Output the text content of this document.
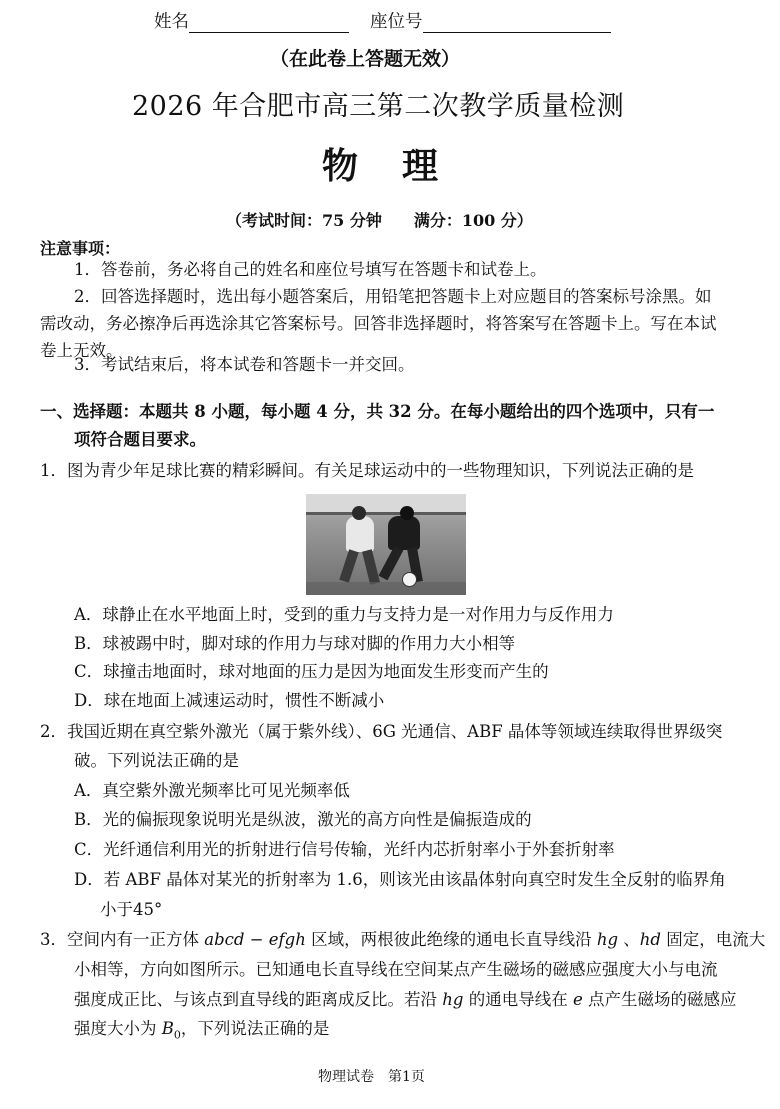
姓名	座位号
（在此卷上答题无效）
2026 年合肥市高三第二次教学质量检测
物　理
（考试时间：75 分钟　　满分：100 分）
注意事项：
1．答卷前，务必将自己的姓名和座位号填写在答题卡和试卷上。
2．回答选择题时，选出每小题答案后，用铅笔把答题卡上对应题目的答案标号涂黑。如
需改动，务必擦净后再选涂其它答案标号。回答非选择题时，将答案写在答题卡上。写在本试
卷上无效。
3．考试结束后，将本试卷和答题卡一并交回。
一、选择题：本题共 8 小题，每小题 4 分，共 32 分。在每小题给出的四个选项中，只有一
项符合题目要求。
1．图为青少年足球比赛的精彩瞬间。有关足球运动中的一些物理知识，下列说法正确的是
A．球静止在水平地面上时，受到的重力与支持力是一对作用力与反作用力
B．球被踢中时，脚对球的作用力与球对脚的作用力大小相等
C．球撞击地面时，球对地面的压力是因为地面发生形变而产生的
D．球在地面上减速运动时，惯性不断减小
2．我国近期在真空紫外激光（属于紫外线）、6G 光通信、ABF 晶体等领域连续取得世界级突
破。下列说法正确的是
A．真空紫外激光频率比可见光频率低
B．光的偏振现象说明光是纵波，激光的高方向性是偏振造成的
C．光纤通信利用光的折射进行信号传输，光纤内芯折射率小于外套折射率
D．若 ABF 晶体对某光的折射率为 1.6，则该光由该晶体射向真空时发生全反射的临界角
小于45°
3．空间内有一正方体 abcd − efgh 区域，两根彼此绝缘的通电长直导线沿 hg 、hd 固定，电流大
小相等，方向如图所示。已知通电长直导线在空间某点产生磁场的磁感应强度大小与电流
强度成正比、与该点到直导线的距离成反比。若沿 hg 的通电导线在 e 点产生磁场的磁感应
强度大小为 $B_0$，下列说法正确的是
物理试卷　第1页
